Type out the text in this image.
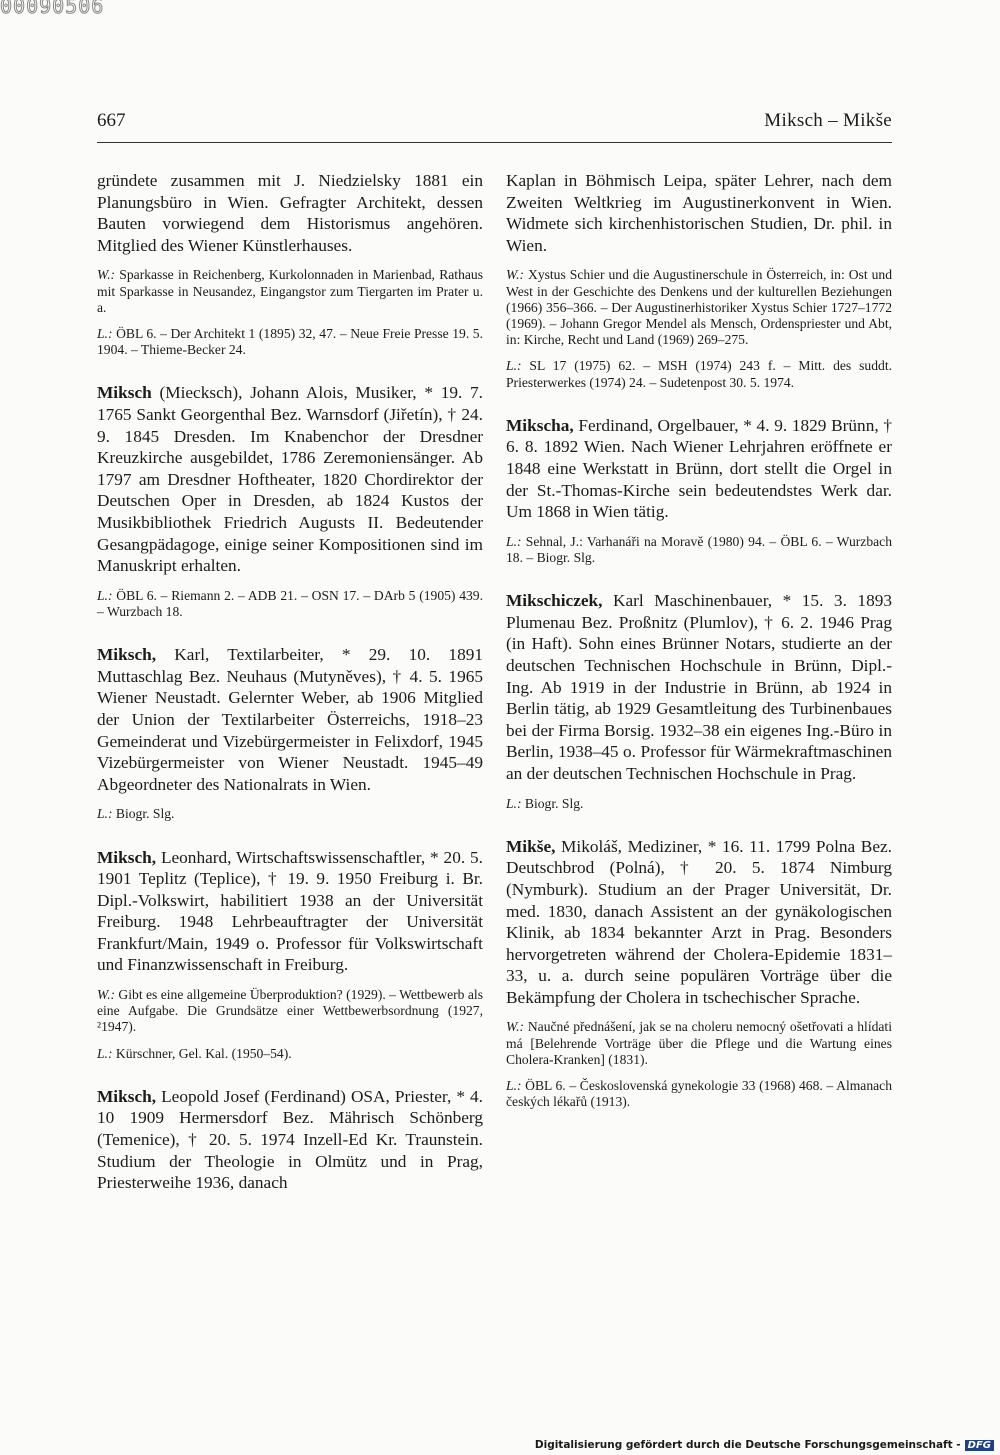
00090506
667	Miksch – Mikše

gründete zusammen mit J. Niedzielsky 1881 ein Planungsbüro in Wien. Gefragter Architekt, dessen Bauten vorwiegend dem Historismus angehören. Mitglied des Wiener Künstlerhauses.

W.: Sparkasse in Reichenberg, Kurkolonnaden in Marienbad, Rathaus mit Sparkasse in Neusandez, Eingangstor zum Tiergarten im Prater u. a.

L.: ÖBL 6. – Der Architekt 1 (1895) 32, 47. – Neue Freie Presse 19. 5. 1904. – Thieme-Becker 24.

Miksch (Miecksch), Johann Alois, Musiker, * 19. 7. 1765 Sankt Georgenthal Bez. Warnsdorf (Jiřetín), † 24. 9. 1845 Dresden. Im Knabenchor der Dresdner Kreuzkirche ausgebildet, 1786 Zeremoniensänger. Ab 1797 am Dresdner Hoftheater, 1820 Chordirektor der Deutschen Oper in Dresden, ab 1824 Kustos der Musikbibliothek Friedrich Augusts II. Bedeutender Gesangpädagoge, einige seiner Kompositionen sind im Manuskript erhalten.

L.: ÖBL 6. – Riemann 2. – ADB 21. – OSN 17. – DArb 5 (1905) 439. – Wurzbach 18.

Miksch, Karl, Textilarbeiter, * 29. 10. 1891 Muttaschlag Bez. Neuhaus (Mutyněves), † 4. 5. 1965 Wiener Neustadt. Gelernter Weber, ab 1906 Mitglied der Union der Textilarbeiter Österreichs, 1918–23 Gemeinderat und Vizebürgermeister in Felixdorf, 1945 Vizebürgermeister von Wiener Neustadt. 1945–49 Abgeordneter des Nationalrats in Wien.

L.: Biogr. Slg.

Miksch, Leonhard, Wirtschaftswissenschaftler, * 20. 5. 1901 Teplitz (Teplice), † 19. 9. 1950 Freiburg i. Br. Dipl.-Volkswirt, habilitiert 1938 an der Universität Freiburg. 1948 Lehrbeauftragter der Universität Frankfurt/Main, 1949 o. Professor für Volkswirtschaft und Finanzwissenschaft in Freiburg.

W.: Gibt es eine allgemeine Überproduktion? (1929). – Wettbewerb als eine Aufgabe. Die Grundsätze einer Wettbewerbsordnung (1927, ²1947).

L.: Kürschner, Gel. Kal. (1950–54).

Miksch, Leopold Josef (Ferdinand) OSA, Priester, * 4. 10 1909 Hermersdorf Bez. Mährisch Schönberg (Temenice), † 20. 5. 1974 Inzell-Ed Kr. Traunstein. Studium der Theologie in Olmütz und in Prag, Priesterweihe 1936, danach

Kaplan in Böhmisch Leipa, später Lehrer, nach dem Zweiten Weltkrieg im Augustinerkonvent in Wien. Widmete sich kirchenhistorischen Studien, Dr. phil. in Wien.

W.: Xystus Schier und die Augustinerschule in Österreich, in: Ost und West in der Geschichte des Denkens und der kulturellen Beziehungen (1966) 356–366. – Der Augustinerhistoriker Xystus Schier 1727–1772 (1969). – Johann Gregor Mendel als Mensch, Ordenspriester und Abt, in: Kirche, Recht und Land (1969) 269–275.

L.: SL 17 (1975) 62. – MSH (1974) 243 f. – Mitt. des suddt. Priesterwerkes (1974) 24. – Sudetenpost 30. 5. 1974.

Mikscha, Ferdinand, Orgelbauer, * 4. 9. 1829 Brünn, † 6. 8. 1892 Wien. Nach Wiener Lehrjahren eröffnete er 1848 eine Werkstatt in Brünn, dort stellt die Orgel in der St.-Thomas-Kirche sein bedeutendstes Werk dar. Um 1868 in Wien tätig.

L.: Sehnal, J.: Varhanáři na Moravě (1980) 94. – ÖBL 6. – Wurzbach 18. – Biogr. Slg.

Mikschiczek, Karl Maschinenbauer, * 15. 3. 1893 Plumenau Bez. Proßnitz (Plumlov), † 6. 2. 1946 Prag (in Haft). Sohn eines Brünner Notars, studierte an der deutschen Technischen Hochschule in Brünn, Dipl.-Ing. Ab 1919 in der Industrie in Brünn, ab 1924 in Berlin tätig, ab 1929 Gesamtleitung des Turbinenbaues bei der Firma Borsig. 1932–38 ein eigenes Ing.-Büro in Berlin, 1938–45 o. Professor für Wärmekraftmaschinen an der deutschen Technischen Hochschule in Prag.

L.: Biogr. Slg.

Mikše, Mikoláš, Mediziner, * 16. 11. 1799 Polna Bez. Deutschbrod (Polná), † 20. 5. 1874 Nimburg (Nymburk). Studium an der Prager Universität, Dr. med. 1830, danach Assistent an der gynäkologischen Klinik, ab 1834 bekannter Arzt in Prag. Besonders hervorgetreten während der Cholera-Epidemie 1831–33, u. a. durch seine populären Vorträge über die Bekämpfung der Cholera in tschechischer Sprache.

W.: Naučné přednášení, jak se na choleru nemocný ošetřovati a hlídati má [Belehrende Vorträge über die Pflege und die Wartung eines Cholera-Kranken] (1831).

L.: ÖBL 6. – Československá gynekologie 33 (1968) 468. – Almanach českých lékařů (1913).

Digitalisierung gefördert durch die Deutsche Forschungsgemeinschaft - DFG
